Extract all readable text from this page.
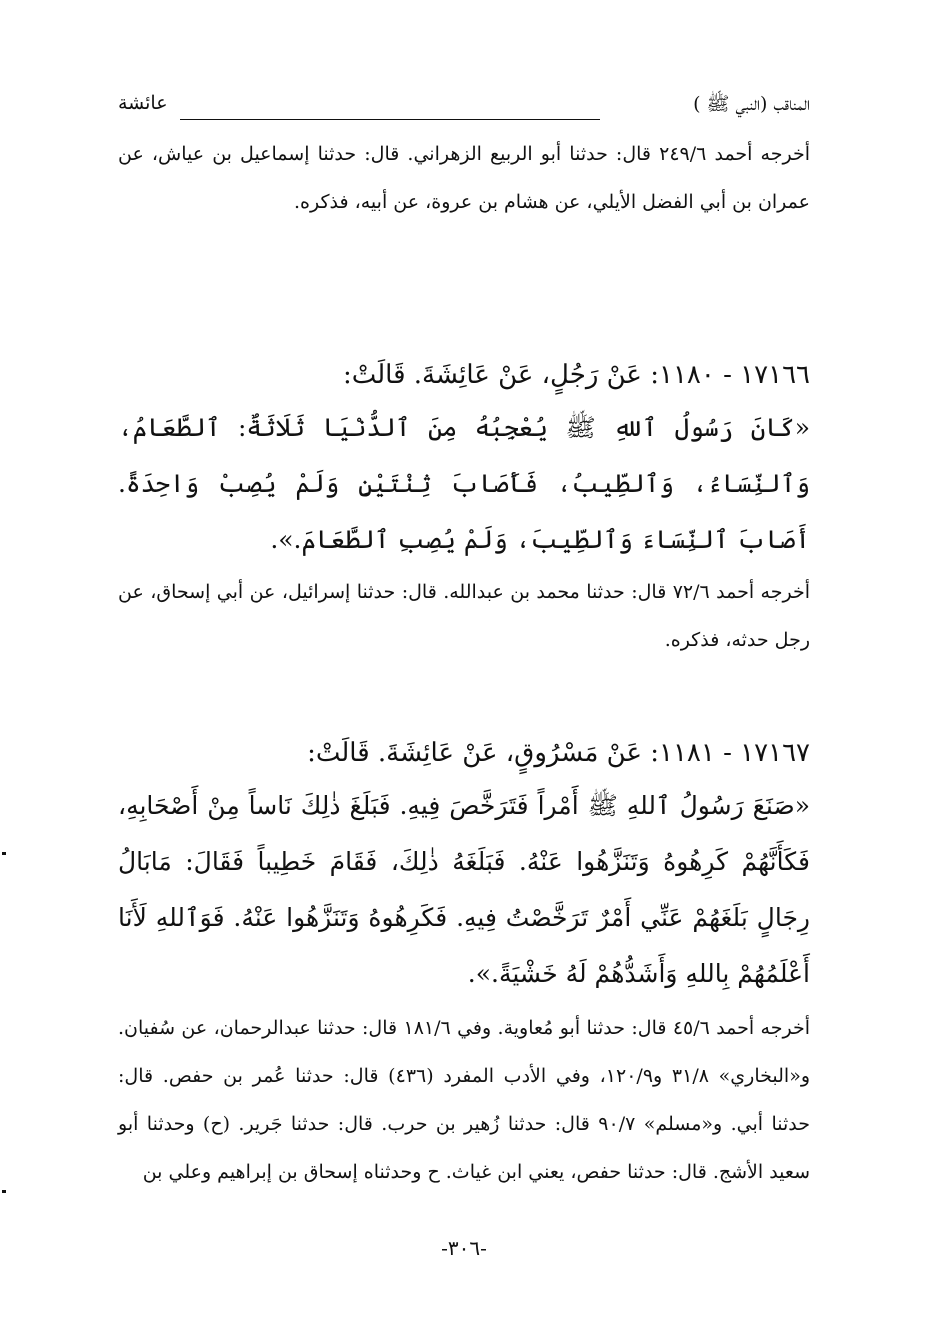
المناقب (النبي ﷺ )
عائشة

أخرجه أحمد ٢٤٩/٦ قال: حدثنا أبو الربيع الزهراني. قال: حدثنا إسماعيل بن عياش، عن عمران بن أبي الفضل الأيلي، عن هشام بن عروة، عن أبيه، فذكره.

١٧١٦٦ - ١١٨٠: عَنْ رَجُلٍ، عَنْ عَائِشَةَ. قَالَتْ:

«كَانَ رَسُولُ ٱللهِ ﷺ يُعْجِبُهُ مِنَ ٱلدُّنْيَا ثَلَاثَةٌ: ٱلطَّعَامُ، وَٱلنِّسَاءُ، وَٱلطِّيبُ، فَأَصَابَ ثِنْتَيْنِ وَلَمْ يُصِبْ وَاحِدَةً. أَصَابَ ٱلنِّسَاءَ وَٱلطِّيبَ، وَلَمْ يُصِبِ ٱلطَّعَامَ.».

أخرجه أحمد ٧٢/٦ قال: حدثنا محمد بن عبدالله. قال: حدثنا إسرائيل، عن أبي إسحاق، عن رجل حدثه، فذكره.

١٧١٦٧ - ١١٨١: عَنْ مَسْرُوقٍ، عَنْ عَائِشَةَ. قَالَتْ:

«صَنَعَ رَسُولُ ٱللهِ ﷺ أَمْراً فَتَرَخَّصَ فِيهِ. فَبَلَغَ ذٰلِكَ نَاساً مِنْ أَصْحَابِهِ، فَكَأَنَّهُمْ كَرِهُوهُ وَتَنَزَّهُوا عَنْهُ. فَبَلَغَهُ ذٰلِكَ، فَقَامَ خَطِيباً فَقَالَ: مَابَالُ رِجَالٍ بَلَغَهُمْ عَنِّي أَمْرٌ تَرَخَّصْتُ فِيهِ. فَكَرِهُوهُ وَتَنَزَّهُوا عَنْهُ. فَوَٱللهِ لَأَنَا أَعْلَمُهُمْ بِاللهِ وَأَشَدُّهُمْ لَهُ خَشْيَةً.».

أخرجه أحمد ٤٥/٦ قال: حدثنا أبو مُعاوية. وفي ١٨١/٦ قال: حدثنا عبدالرحمان، عن سُفيان. و«البخاري» ٣١/٨ و١٢٠/٩، وفي الأدب المفرد (٤٣٦) قال: حدثنا عُمر بن حفص. قال: حدثنا أبي. و«مسلم» ٩٠/٧ قال: حدثنا زُهير بن حرب. قال: حدثنا جَرير. (ح) وحدثنا أبو سعيد الأشج. قال: حدثنا حفص، يعني ابن غياث. ح وحدثناه إسحاق بن إبراهيم وعلي بن

-٣٠٦-
